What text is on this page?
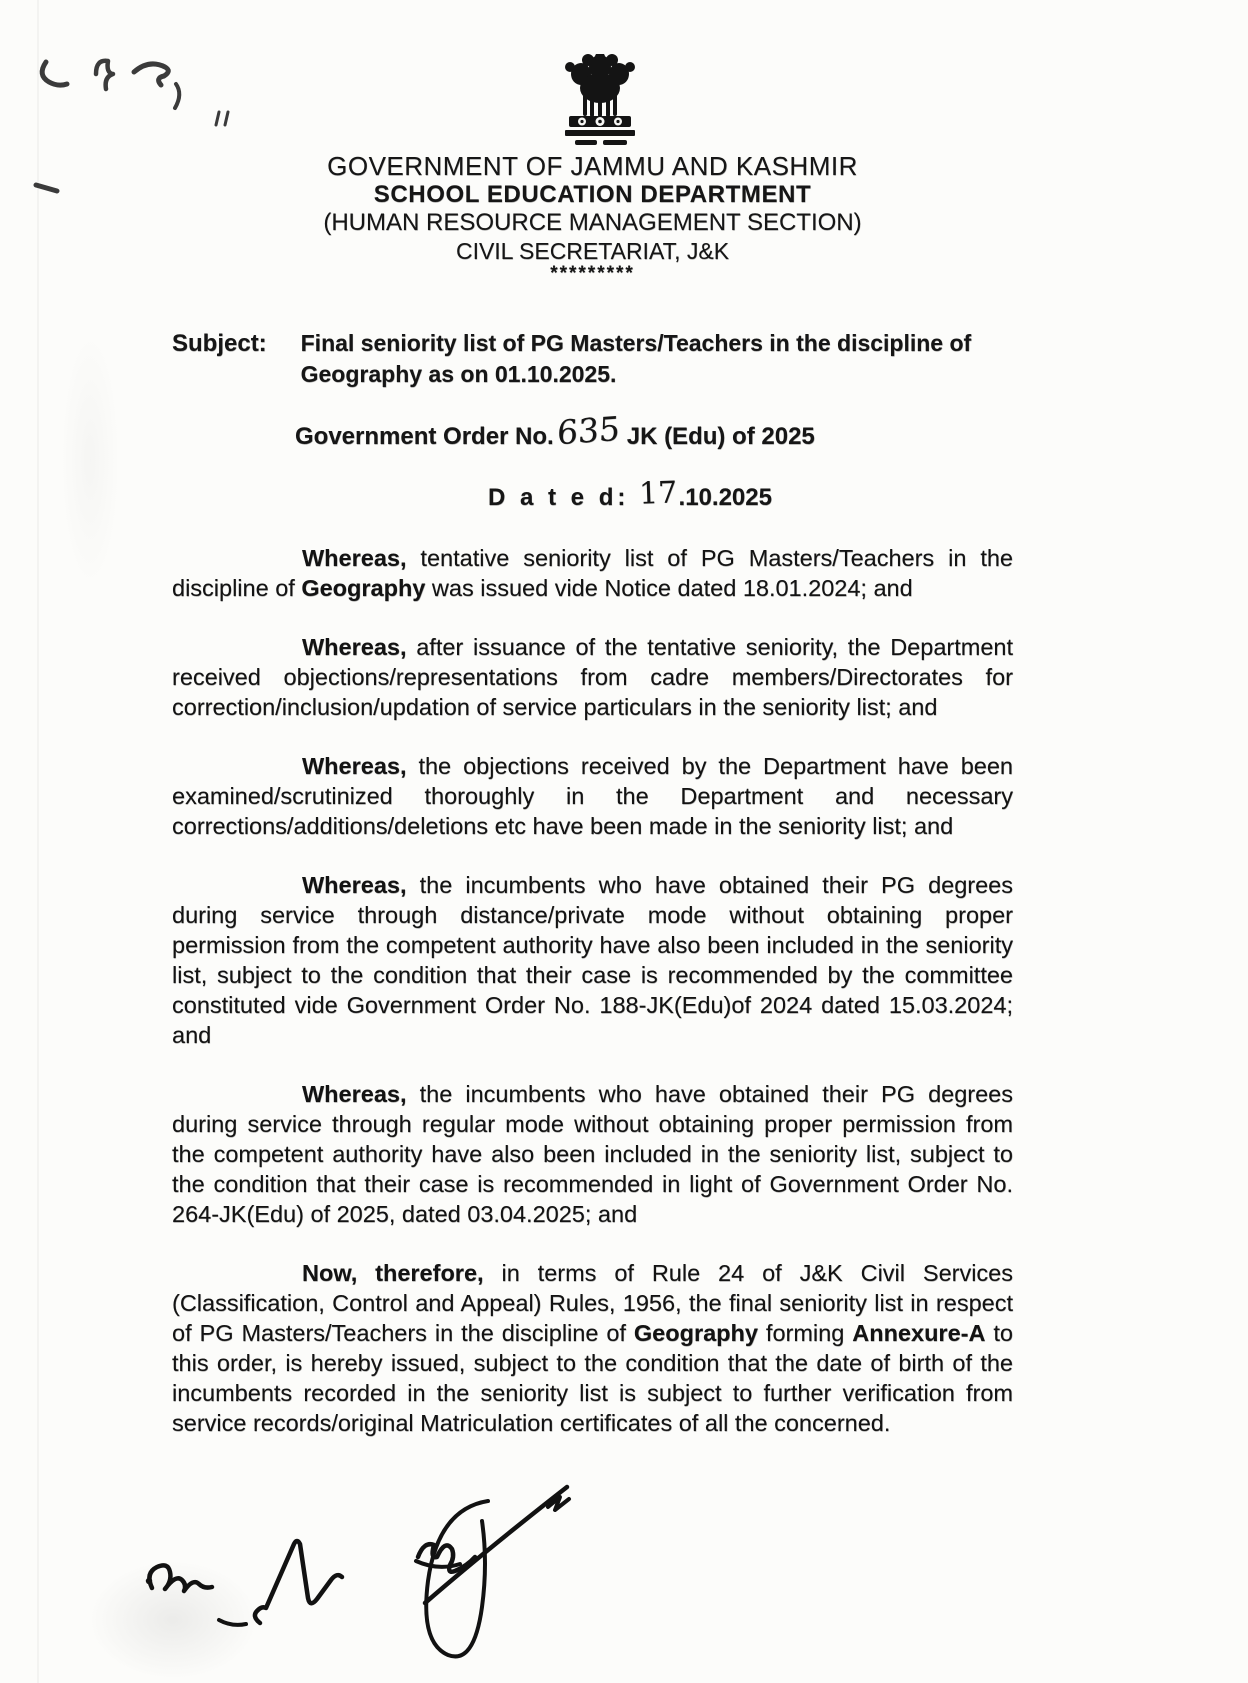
GOVERNMENT OF JAMMU AND KASHMIR
SCHOOL EDUCATION DEPARTMENT
(HUMAN RESOURCE MANAGEMENT SECTION)
CIVIL SECRETARIAT, J&K
*********
Subject:	Final seniority list of PG Masters/Teachers in the discipline of Geography as on 01.10.2025.
Government Order No.635 JK (Edu) of 2025
D a t e d: 17.10.2025

Whereas, tentative seniority list of PG Masters/Teachers in the discipline of Geography was issued vide Notice dated 18.01.2024; and

Whereas, after issuance of the tentative seniority, the Department received objections/representations from cadre members/Directorates for correction/inclusion/updation of service particulars in the seniority list; and

Whereas, the objections received by the Department have been examined/scrutinized thoroughly in the Department and necessary corrections/additions/deletions etc have been made in the seniority list; and

Whereas, the incumbents who have obtained their PG degrees during service through distance/private mode without obtaining proper permission from the competent authority have also been included in the seniority list, subject to the condition that their case is recommended by the committee constituted vide Government Order No. 188-JK(Edu)of 2024 dated 15.03.2024; and

Whereas, the incumbents who have obtained their PG degrees during service through regular mode without obtaining proper permission from the competent authority have also been included in the seniority list, subject to the condition that their case is recommended in light of Government Order No. 264-JK(Edu) of 2025, dated 03.04.2025; and

Now, therefore, in terms of Rule 24 of J&K Civil Services (Classification, Control and Appeal) Rules, 1956, the final seniority list in respect of PG Masters/Teachers in the discipline of Geography forming Annexure-A to this order, is hereby issued, subject to the condition that the date of birth of the incumbents recorded in the seniority list is subject to further verification from service records/original Matriculation certificates of all the concerned.
